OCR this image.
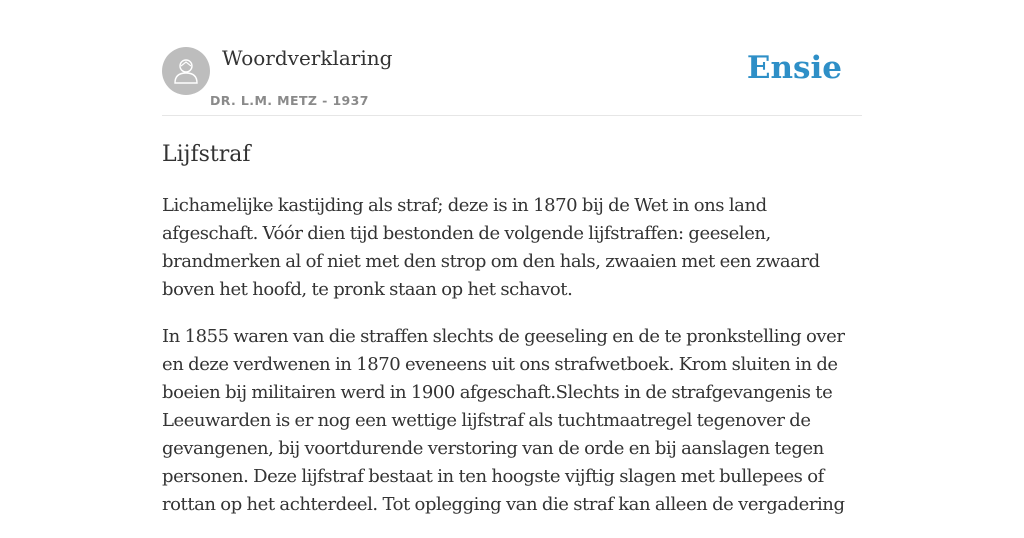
Woordverklaring
DR. L.M. METZ - 1937
Ensie
Lijfstraf

Lichamelijke kastijding als straf; deze is in 1870 bij de Wet in ons land afgeschaft. Vóór dien tijd bestonden de volgende lijfstraffen: geeselen, brandmerken al of niet met den strop om den hals, zwaaien met een zwaard boven het hoofd, te pronk staan op het schavot.

In 1855 waren van die straffen slechts de geeseling en de te pronkstelling over en deze verdwenen in 1870 eveneens uit ons strafwetboek. Krom sluiten in de boeien bij militairen werd in 1900 afgeschaft.Slechts in de strafgevangenis te Leeuwarden is er nog een wettige lijfstraf als tuchtmaatregel tegenover de gevangenen, bij voortdurende verstoring van de orde en bij aanslagen tegen personen. Deze lijfstraf bestaat in ten hoogste vijftig slagen met bullepees of rottan op het achterdeel. Tot oplegging van die straf kan alleen de vergadering
